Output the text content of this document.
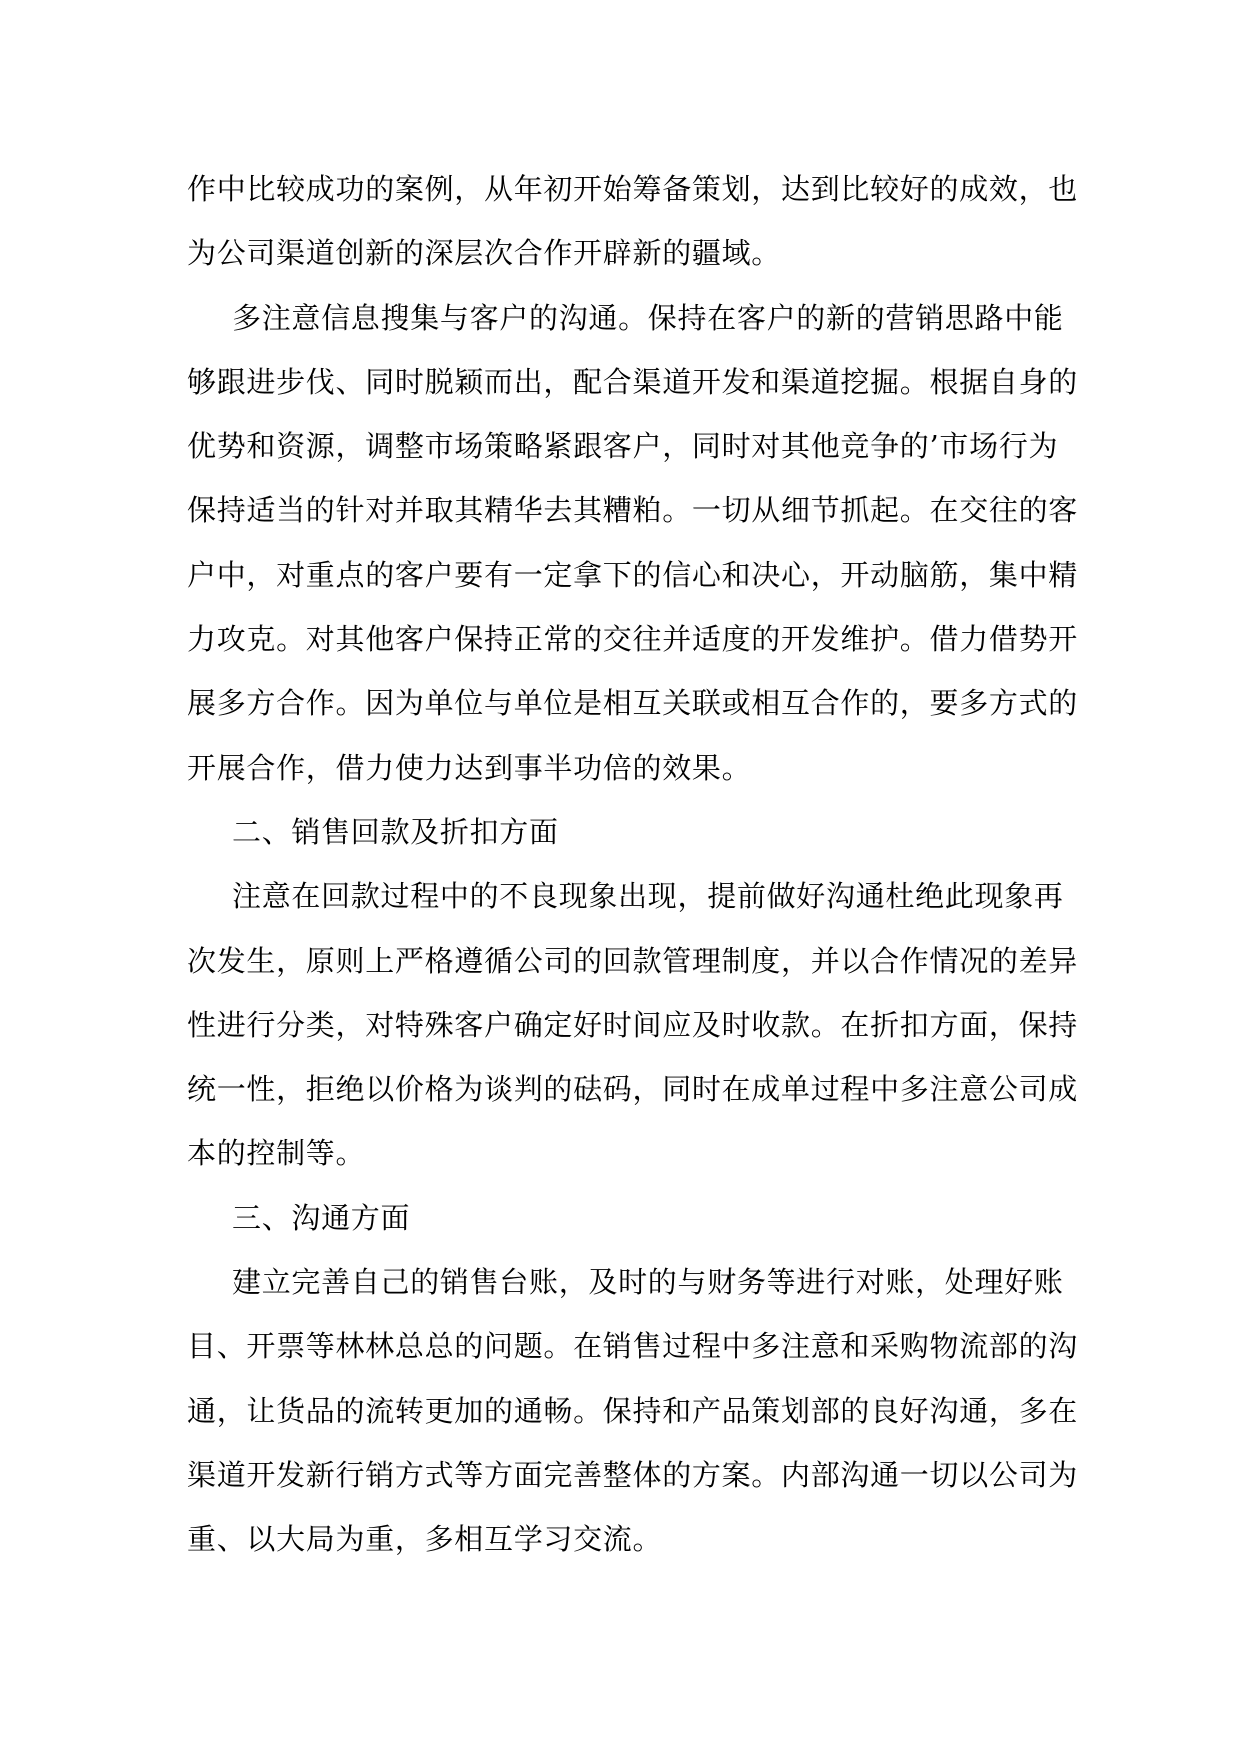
作中比较成功的案例，从年初开始筹备策划，达到比较好的成效，也
为公司渠道创新的深层次合作开辟新的疆域。
多注意信息搜集与客户的沟通。保持在客户的新的营销思路中能
够跟进步伐、同时脱颖而出，配合渠道开发和渠道挖掘。根据自身的
优势和资源，调整市场策略紧跟客户，同时对其他竞争的’市场行为
保持适当的针对并取其精华去其糟粕。一切从细节抓起。在交往的客
户中，对重点的客户要有一定拿下的信心和决心，开动脑筋，集中精
力攻克。对其他客户保持正常的交往并适度的开发维护。借力借势开
展多方合作。因为单位与单位是相互关联或相互合作的，要多方式的
开展合作，借力使力达到事半功倍的效果。
二、销售回款及折扣方面
注意在回款过程中的不良现象出现，提前做好沟通杜绝此现象再
次发生，原则上严格遵循公司的回款管理制度，并以合作情况的差异
性进行分类，对特殊客户确定好时间应及时收款。在折扣方面，保持
统一性，拒绝以价格为谈判的砝码，同时在成单过程中多注意公司成
本的控制等。
三、沟通方面
建立完善自己的销售台账，及时的与财务等进行对账，处理好账
目、开票等林林总总的问题。在销售过程中多注意和采购物流部的沟
通，让货品的流转更加的通畅。保持和产品策划部的良好沟通，多在
渠道开发新行销方式等方面完善整体的方案。内部沟通一切以公司为
重、以大局为重，多相互学习交流。
